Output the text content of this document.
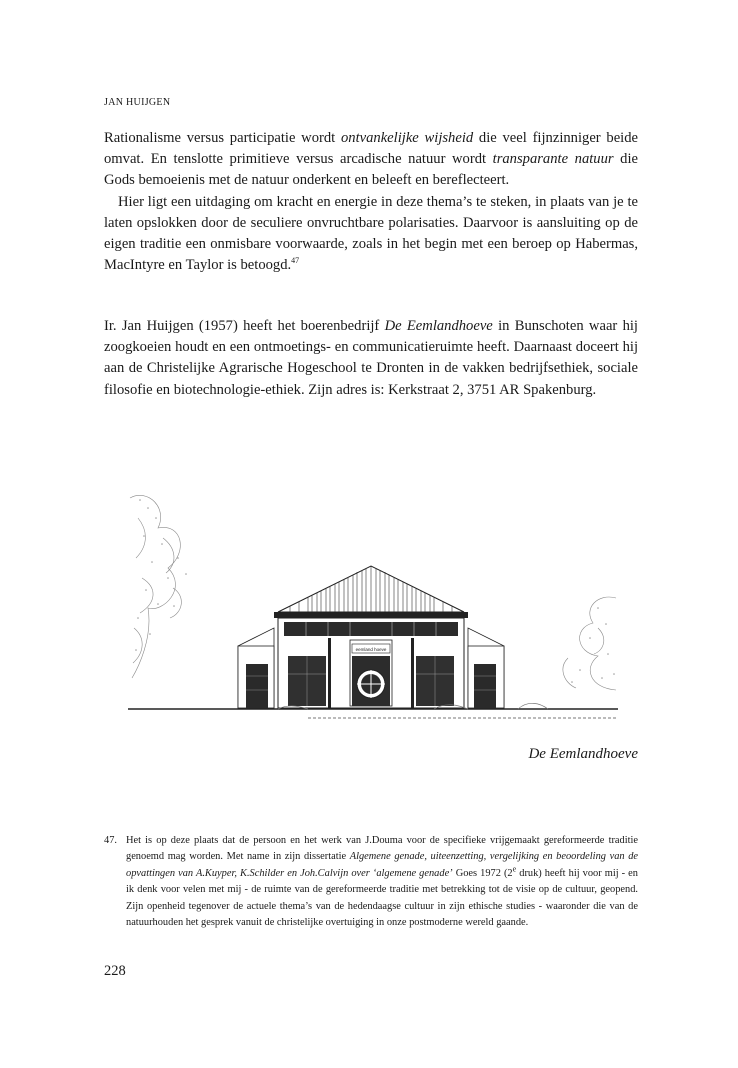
JAN HUIJGEN

Rationalisme versus participatie wordt ontvankelijke wijsheid die veel fijnzinniger beide omvat. En tenslotte primitieve versus arcadische natuur wordt transparante natuur die Gods bemoeienis met de natuur onderkent en beleeft en bereflecteert.

Hier ligt een uitdaging om kracht en energie in deze thema’s te steken, in plaats van je te laten opslokken door de seculiere onvruchtbare polarisaties. Daarvoor is aansluiting op de eigen traditie een onmisbare voorwaarde, zoals in het begin met een beroep op Habermas, MacIntyre en Taylor is betoogd.$^{47}$

Ir. Jan Huijgen (1957) heeft het boerenbedrijf De Eemlandhoeve in Bunschoten waar hij zoogkoeien houdt en een ontmoetings- en communicatieruimte heeft. Daarnaast doceert hij aan de Christelijke Agrarische Hogeschool te Dronten in de vakken bedrijfsethiek, sociale filosofie en biotechnologie-ethiek. Zijn adres is: Kerkstraat 2, 3751 AR Spakenburg.

eemland hoeve
De Eemlandhoeve
47. Het is op deze plaats dat de persoon en het werk van J.Douma voor de specifieke vrijgemaakt gereformeerde traditie genoemd mag worden. Met name in zijn dissertatie Algemene genade, uiteenzetting, vergelijking en beoordeling van de opvattingen van A.Kuyper, K.Schilder en Joh.Calvijn over ‘algemene genade’ Goes 1972 (2e druk) heeft hij voor mij - en ik denk voor velen met mij - de ruimte van de gereformeerde traditie met betrekking tot de visie op de cultuur, geopend. Zijn openheid tegenover de actuele thema’s van de hedendaagse cultuur in zijn ethische studies - waaronder die van de natuurhouden het gesprek vanuit de christelijke overtuiging in onze postmoderne wereld gaande.
228
